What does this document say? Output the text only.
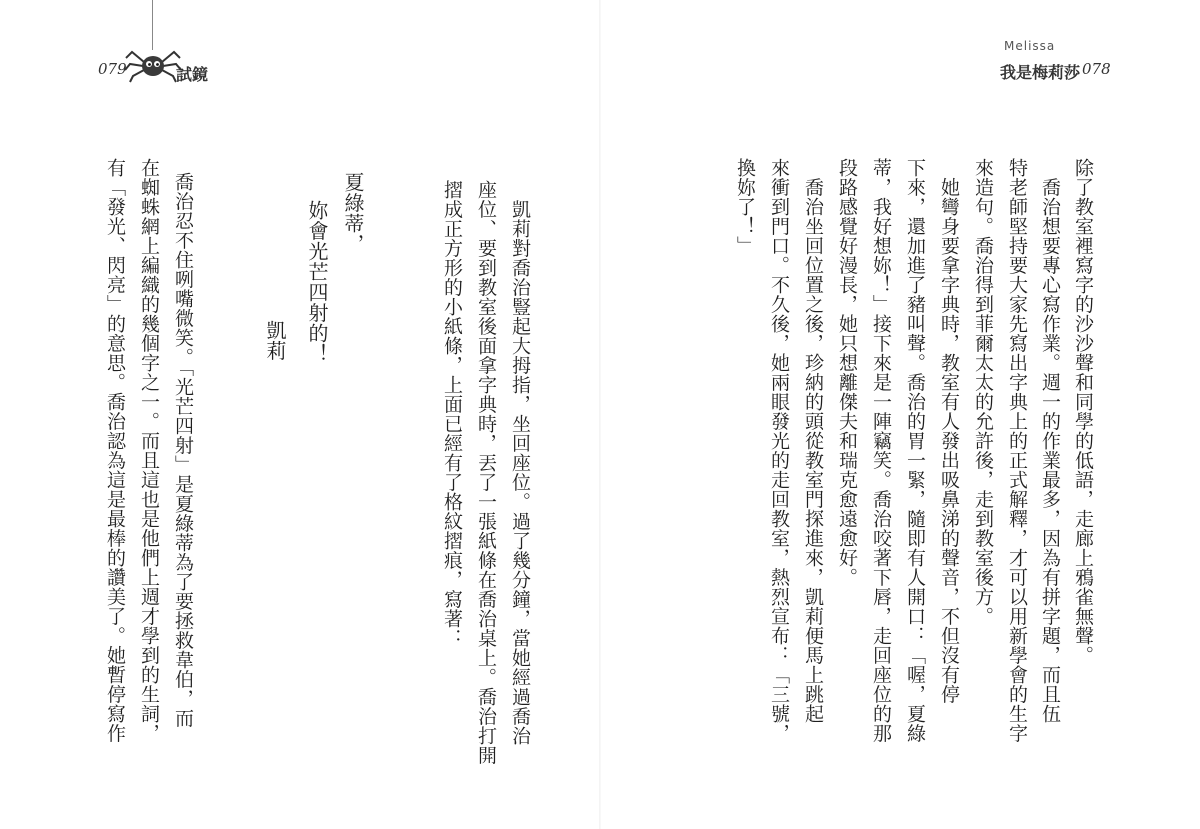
079	試鏡
Melissa
我是梅莉莎 078
除了教室裡寫字的沙沙聲和同學的低語，走廊上鴉雀無聲。
　喬治想要專心寫作業。週一的作業最多，因為有拼字題，而且伍
特老師堅持要大家先寫出字典上的正式解釋，才可以用新學會的生字
來造句。喬治得到菲爾太太的允許後，走到教室後方。
　她彎身要拿字典時，教室有人發出吸鼻涕的聲音，不但沒有停
下來，還加進了豬叫聲。喬治的胃一緊，隨即有人開口：「喔，夏綠
蒂，我好想妳！」接下來是一陣竊笑。喬治咬著下唇，走回座位的那
段路感覺好漫長，她只想離傑夫和瑞克愈遠愈好。
　喬治坐回位置之後，珍納的頭從教室門探進來，凱莉便馬上跳起
來衝到門口。不久後，她兩眼發光的走回教室，熱烈宣布：「三號，
換妳了！」
　凱莉對喬治豎起大拇指，坐回座位。過了幾分鐘，當她經過喬治
座位、要到教室後面拿字典時，丟了一張紙條在喬治桌上。喬治打開
摺成正方形的小紙條，上面已經有了格紋摺痕，寫著：
夏綠蒂，
妳會光芒四射的！
凱莉
喬治忍不住咧嘴微笑。「光芒四射」是夏綠蒂為了要拯救韋伯，而
在蜘蛛網上編織的幾個字之一。而且這也是他們上週才學到的生詞，
有「發光、閃亮」的意思。喬治認為這是最棒的讚美了。她暫停寫作
